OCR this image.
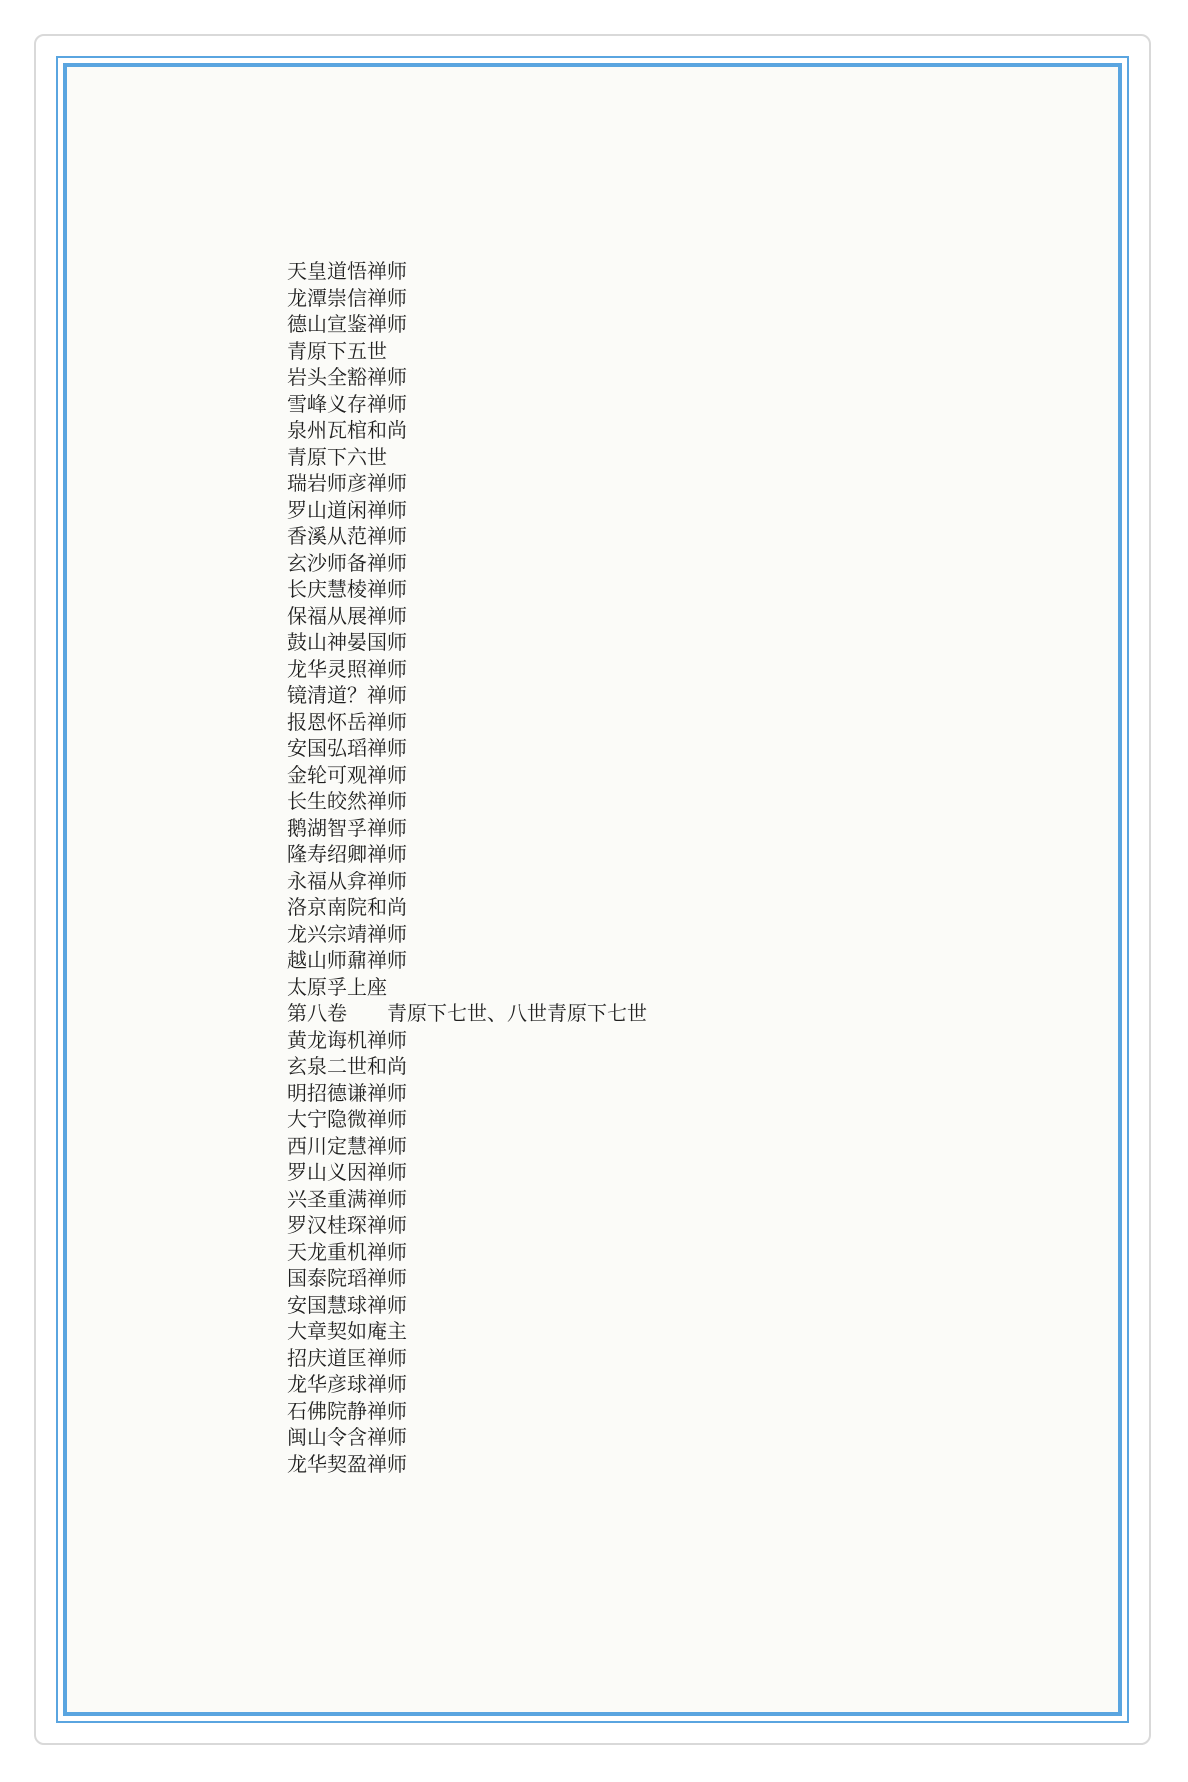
天皇道悟禅师
龙潭崇信禅师
德山宣鉴禅师
青原下五世
岩头全豁禅师
雪峰义存禅师
泉州瓦棺和尚
青原下六世
瑞岩师彦禅师
罗山道闲禅师
香溪从范禅师
玄沙师备禅师
长庆慧棱禅师
保福从展禅师
鼓山神晏国师
龙华灵照禅师
镜清道？禅师
报恩怀岳禅师
安国弘瑫禅师
金轮可观禅师
长生皎然禅师
鹅湖智孚禅师
隆寿绍卿禅师
永福从弇禅师
洛京南院和尚
龙兴宗靖禅师
越山师鼐禅师
太原孚上座
第八卷　　青原下七世、八世青原下七世
黄龙诲机禅师
玄泉二世和尚
明招德谦禅师
大宁隐微禅师
西川定慧禅师
罗山义因禅师
兴圣重满禅师
罗汉桂琛禅师
天龙重机禅师
国泰院瑫禅师
安国慧球禅师
大章契如庵主
招庆道匡禅师
龙华彦球禅师
石佛院静禅师
闽山令含禅师
龙华契盈禅师
